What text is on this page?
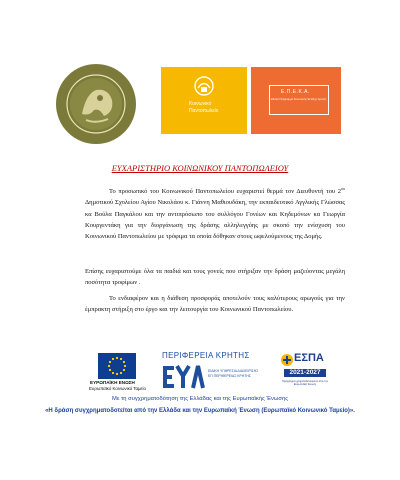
Κοινωνικό
Παντοπωλείο
Ε.Π.Ε.Κ.Α.
Εθνικό Πρόγραμμα Κοινωνικής Ένταξης Αγοράς
ΕΥΧΑΡΙΣΤΗΡΙΟ ΚΟΙΝΩΝΙΚΟΥ ΠΑΝΤΟΠΩΛΕΙΟΥ

Το προσωπικό του Κοινωνικού Παντοπωλείου ευχαριστεί θερμά τον Διευθυντή του $2^{o\upsilon}$ Δημοτικού Σχολείου Αγίου Νικολάου κ. Γιάννη Μαθιουδάκη, την εκπαιδευτικό Αγγλικής Γλώσσας κα Βούλα Παγκάλου και την αντιπρόσωπο του συλλόγου Γονέων και Κηδεμόνων κα Γεωργία Κουργεντάκη για την διοργάνωση της δράσης αλληλεγγύης με σκοπό την ενίσχυση του Κοινωνικού Παντοπωλείου με τρόφιμα τα οποία δόθηκαν στους ωφελούμενους της Δομής.

Επίσης ευχαριστούμε όλα τα παιδιά και τους γονείς που στήριξαν την δράση μαζεύοντας μεγάλη ποσότητα τροφίμων .

Το ενδιαφέρον και η διάθεση προσφοράς αποτελούν τους καλύτερους αρωγούς για την έμπρακτη στήριξη στο έργο και την λειτουργία του Κοινωνικού Παντοπωλείου.

ΕΥΡΩΠΑΪΚΗ ΕΝΩΣΗ
Ευρωπαϊκό Κοινωνικό Ταμείο
ΠΕΡΙΦΕΡΕΙΑ ΚΡΗΤΗΣ
ΕΙΔΙΚΗ ΥΠΗΡΕΣΙΑ ΔΙΑΧΕΙΡΙΣΗΣ ΕΠ ΠΕΡΙΦΕΡΕΙΑΣ ΚΡΗΤΗΣ
ΕΣΠΑ
2021-2027
Πρόγραμμα χρηματοδοτούμενο από την Ευρωπαϊκή Ένωση

Με τη συγχρηματοδότηση της Ελλάδας και της Ευρωπαϊκής Ένωσης

«Η δράση συγχρηματοδοτείται από την Ελλάδα και την Ευρωπαϊκή Ένωση (Ευρωπαϊκό Κοινωνικό Ταμείο)».
